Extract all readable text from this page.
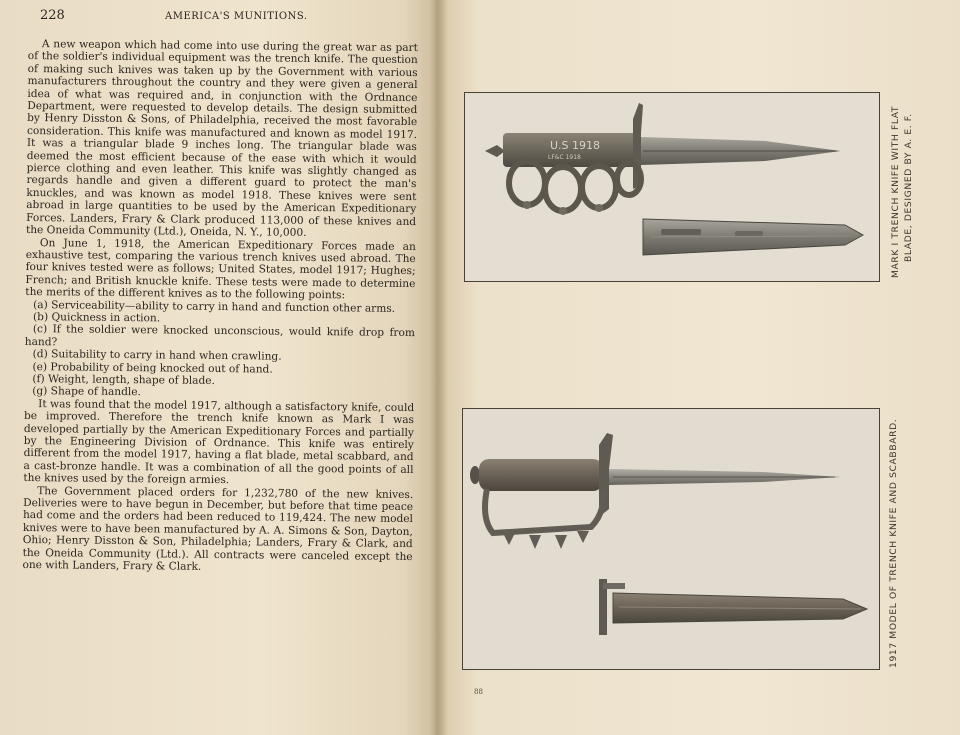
228	AMERICA'S MUNITIONS.

A new weapon which had come into use during the great war as part of the soldier's individual equipment was the trench knife. The question of making such knives was taken up by the Government with various manufacturers throughout the country and they were given a general idea of what was required and, in conjunction with the Ordnance Department, were requested to develop details. The design submitted by Henry Disston & Sons, of Philadelphia, received the most favorable consideration. This knife was manufactured and known as model 1917. It was a triangular blade 9 inches long. The triangular blade was deemed the most efficient because of the ease with which it would pierce clothing and even leather. This knife was slightly changed as regards handle and given a different guard to protect the man's knuckles, and was known as model 1918. These knives were sent abroad in large quantities to be used by the American Expeditionary Forces. Landers, Frary & Clark produced 113,000 of these knives and the Oneida Community (Ltd.), Oneida, N. Y., 10,000.

On June 1, 1918, the American Expeditionary Forces made an exhaustive test, comparing the various trench knives used abroad. The four knives tested were as follows; United States, model 1917; Hughes; French; and British knuckle knife. These tests were made to determine the merits of the different knives as to the following points:

(a) Serviceability—ability to carry in hand and function other arms.

(b) Quickness in action.

(c) If the soldier were knocked unconscious, would knife drop from hand?

(d) Suitability to carry in hand when crawling.

(e) Probability of being knocked out of hand.

(f) Weight, length, shape of blade.

(g) Shape of handle.

It was found that the model 1917, although a satisfactory knife, could be improved. Therefore the trench knife known as Mark I was developed partially by the American Expeditionary Forces and partially by the Engineering Division of Ordnance. This knife was entirely different from the model 1917, having a flat blade, metal scabbard, and a cast-bronze handle. It was a combination of all the good points of all the knives used by the foreign armies.

The Government placed orders for 1,232,780 of the new knives. Deliveries were to have begun in December, but before that time peace had come and the orders had been reduced to 119,424. The new model knives were to have been manufactured by A. A. Simons & Son, Dayton, Ohio; Henry Disston & Son, Philadelphia; Landers, Frary & Clark, and the Oneida Community (Ltd.). All contracts were canceled except the one with Landers, Frary & Clark.

U.S 1918
LF&C 1918	MARK I TRENCH KNIFE WITH FLAT BLADE, DESIGNED BY A. E. F.
1917 MODEL OF TRENCH KNIFE AND SCABBARD.
88
